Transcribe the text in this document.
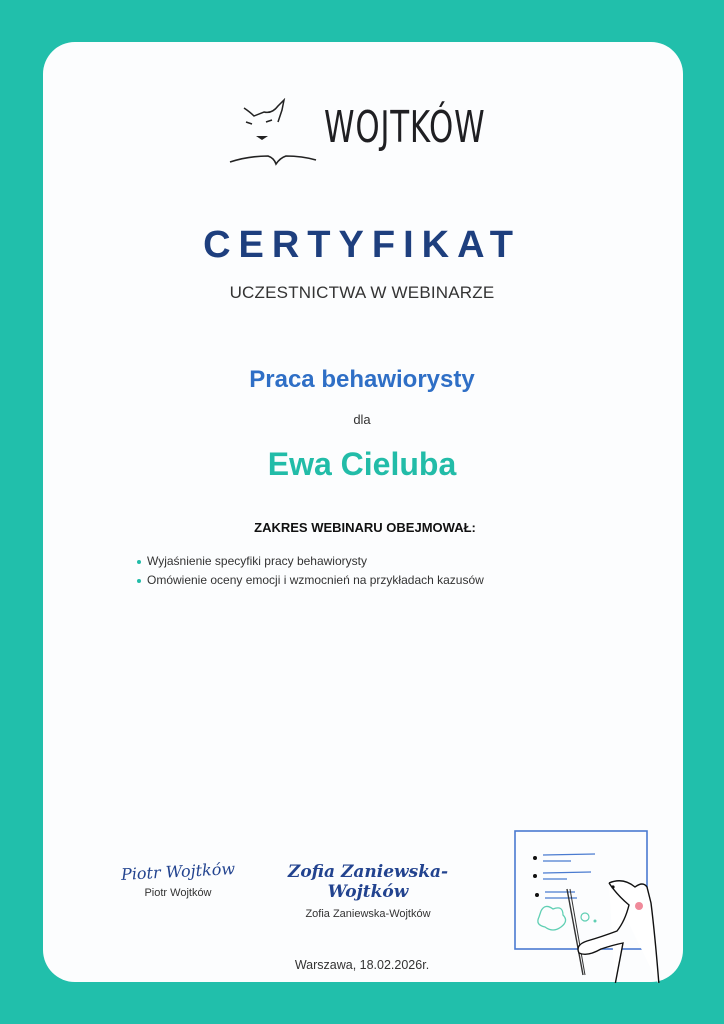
WOJTKÓW
CERTYFIKAT
UCZESTNICTWA W WEBINARZE
Praca behawiorysty
dla
Ewa Cieluba
ZAKRES WEBINARU OBEJMOWAŁ:
Wyjaśnienie specyfiki pracy behawiorysty
Omówienie oceny emocji i wzmocnień na przykładach kazusów
Piotr Wojtków
Piotr Wojtków
Zofia Zaniewska-Wojtków
Zofia Zaniewska-Wojtków
Warszawa, 18.02.2026r.
